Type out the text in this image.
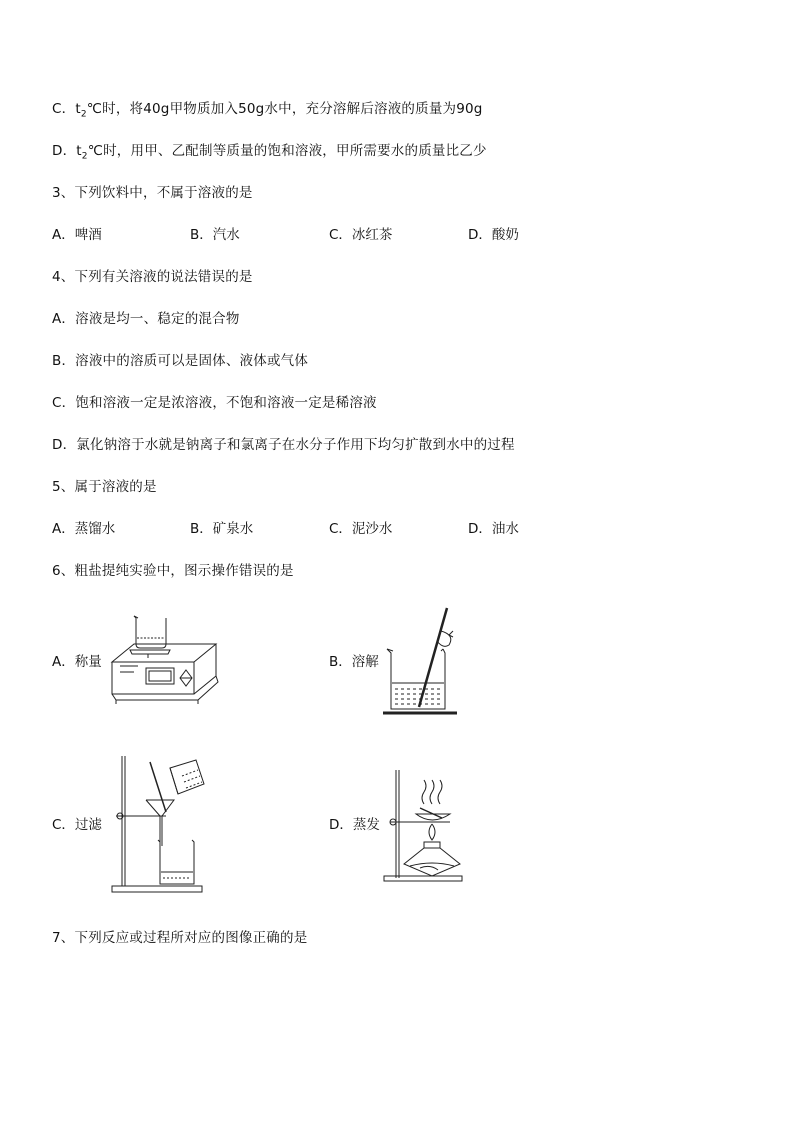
C．$t_2℃$时，将40g甲物质加入50g水中，充分溶解后溶液的质量为90g
D．$t_2℃$时，用甲、乙配制等质量的饱和溶液，甲所需要水的质量比乙少
3、下列饮料中，不属于溶液的是
A．啤酒	B．汽水	C．冰红茶	D．酸奶
4、下列有关溶液的说法错误的是
A．溶液是均一、稳定的混合物
B．溶液中的溶质可以是固体、液体或气体
C．饱和溶液一定是浓溶液，不饱和溶液一定是稀溶液
D．氯化钠溶于水就是钠离子和氯离子在水分子作用下均匀扩散到水中的过程
5、属于溶液的是
A．蒸馏水	B．矿泉水	C．泥沙水	D．油水
6、粗盐提纯实验中，图示操作错误的是
A．称量	B．溶解
C．过滤	D．蒸发
7、下列反应或过程所对应的图像正确的是
